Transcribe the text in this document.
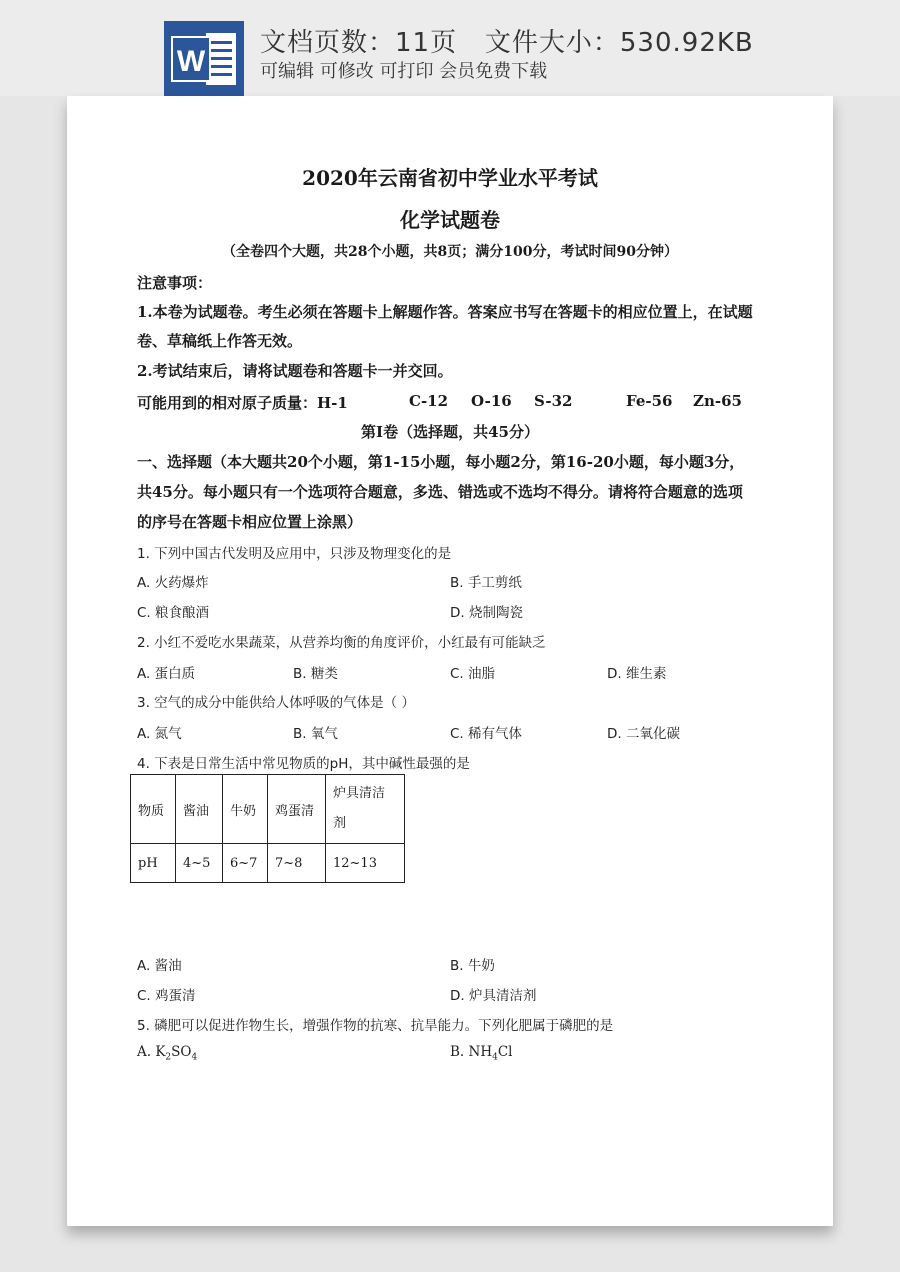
W
文档页数：11页 文件大小：530.92KB
可编辑 可修改 可打印 会员免费下载
2020年云南省初中学业水平考试
化学试题卷
（全卷四个大题，共28个小题，共8页；满分100分，考试时间90分钟）
注意事项：
1.本卷为试题卷。考生必须在答题卡上解题作答。答案应书写在答题卡的相应位置上，在试题
卷、草稿纸上作答无效。
2.考试结束后，请将试题卷和答题卡一并交回。
可能用到的相对原子质量：H-1	C-12 O-16 S-32	Fe-56 Zn-65
第Ⅰ卷（选择题，共45分）
一、选择题（本大题共20个小题，第1-15小题，每小题2分，第16-20小题，每小题3分，
共45分。每小题只有一个选项符合题意，多选、错选或不选均不得分。请将符合题意的选项
的序号在答题卡相应位置上涂黑）
1. 下列中国古代发明及应用中，只涉及物理变化的是
A. 火药爆炸	B. 手工剪纸
C. 粮食酿酒	D. 烧制陶瓷
2. 小红不爱吃水果蔬菜，从营养均衡的角度评价，小红最有可能缺乏
A. 蛋白质	B. 糖类	C. 油脂	D. 维生素
3. 空气的成分中能供给人体呼吸的气体是（ ）
A. 氮气	B. 氧气	C. 稀有气体	D. 二氧化碳
4. 下表是日常生活中常见物质的pH，其中碱性最强的是
物质	酱油	牛奶	鸡蛋清	炉具清洁
剂
pH	4~5	6~7	7~8	12~13
A. 酱油	B. 牛奶
C. 鸡蛋清	D. 炉具清洁剂
5. 磷肥可以促进作物生长，增强作物的抗寒、抗旱能力。下列化肥属于磷肥的是
A. $K_2SO_4$	B. $NH_4Cl$
